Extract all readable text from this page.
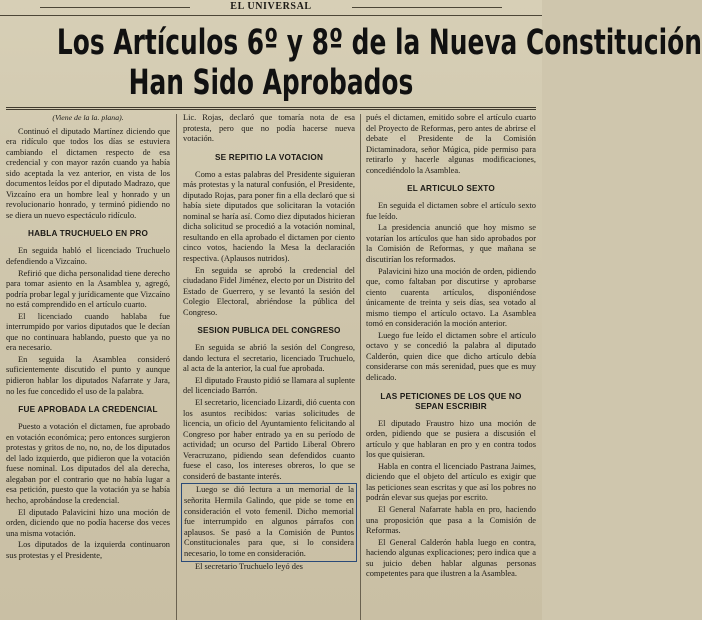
EL UNIVERSAL
Los Artículos 6º y 8º de la Nueva Constitución
Han Sido Aprobados

(Viene de la la. plana).

Continuó el diputado Martínez diciendo que era ridículo que todos los días se estuviera cambiando el dictamen respecto de esa credencial y con mayor razón cuando ya había sido aceptada la vez anterior, en vista de los documentos leídos por el diputado Madrazo, que Vizcaíno era un hombre leal y honrado y un revolucionario honrado, y terminó pidiendo no se diera un nuevo espectáculo ridículo.

HABLA TRUCHUELO EN PRO

En seguida habló el licenciado Truchuelo defendiendo a Vizcaíno.

Refirió que dicha personalidad tiene derecho para tomar asiento en la Asamblea y, agregó, podría probar legal y jurídicamente que Vizcaíno no está comprendido en el artículo cuarto.

El licenciado cuando hablaba fue interrumpido por varios diputados que le decían que no continuara hablando, puesto que ya no era necesario.

En seguida la Asamblea consideró suficientemente discutido el punto y aunque pidieron hablar los diputados Nafarrate y Jara, no les fue concedido el uso de la palabra.

FUE APROBADA LA CREDENCIAL

Puesto a votación el dictamen, fue aprobado en votación económica; pero entonces surgieron protestas y gritos de no, no, no, de los diputados del lado izquierdo, que pidieron que la votación fuese nominal. Los diputados del ala derecha, alegaban por el contrario que no había lugar a esa petición, puesto que la votación ya se había hecho, aprobándose la credencial.

El diputado Palavicini hizo una moción de orden, diciendo que no podía hacerse dos veces una misma votación.

Los diputados de la izquierda continuaron sus protestas y el Presidente,

Lic. Rojas, declaró que tomaría nota de esa protesta, pero que no podía hacerse nueva votación.

SE REPITIO LA VOTACION

Como a estas palabras del Presidente siguieran más protestas y la natural confusión, el Presidente, diputado Rojas, para poner fin a ella declaró que si había siete diputados que solicitaran la votación nominal se haría así. Como diez diputados hicieran dicha solicitud se procedió a la votación nominal, resultando en ella aprobado el dictamen por ciento cinco votos, haciendo la Mesa la declaración respectiva. (Aplausos nutridos).

En seguida se aprobó la credencial del ciudadano Fidel Jiménez, electo por un Distrito del Estado de Guerrero, y se levantó la sesión del Colegio Electoral, abriéndose la pública del Congreso.

SESION PUBLICA DEL CONGRESO

En seguida se abrió la sesión del Congreso, dando lectura el secretario, licenciado Truchuelo, al acta de la anterior, la cual fue aprobada.

El diputado Frausto pidió se llamara al suplente del licenciado Barrón.

El secretario, licenciado Lizardi, dió cuenta con los asuntos recibidos: varias solicitudes de licencia, un oficio del Ayuntamiento felicitando al Congreso por haber entrado ya en su período de actividad; un ocurso del Partido Liberal Obrero Veracruzano, pidiendo sean defendidos cuanto fuese el caso, los intereses obreros, lo que se consideró de bastante interés.

Luego se dió lectura a un memorial de la señorita Hermila Galindo, que pide se tome en consideración el voto femenil. Dicho memorial fue interrumpido en algunos párrafos con aplausos. Se pasó a la Comisión de Puntos Constitucionales para que, si lo considera necesario, lo tome en consideración.

El secretario Truchuelo leyó des

pués el dictamen, emitido sobre el artículo cuarto del Proyecto de Reformas, pero antes de abrirse el debate el Presidente de la Comisión Dictaminadora, señor Múgica, pide permiso para retirarlo y hacerle algunas modificaciones, concediéndolo la Asamblea.

EL ARTICULO SEXTO

En seguida el dictamen sobre el artículo sexto fue leído.

La presidencia anunció que hoy mismo se votarían los artículos que han sido aprobados por la Comisión de Reformas, y que mañana se discutirían los reformados.

Palavicini hizo una moción de orden, pidiendo que, como faltaban por discutirse y aprobarse ciento cuarenta artículos, disponiéndose únicamente de treinta y seis días, sea votado al mismo tiempo el artículo octavo. La Asamblea tomó en consideración la moción anterior.

Luego fue leído el dictamen sobre el artículo octavo y se concedió la palabra al diputado Calderón, quien dice que dicho artículo debía considerarse con más serenidad, pues que es muy delicado.

LAS PETICIONES DE LOS QUE NO SEPAN ESCRIBIR

El diputado Fraustro hizo una moción de orden, pidiendo que se pusiera a discusión el artículo y que hablaran en pro y en contra todos los que quisieran.

Habla en contra el licenciado Pastrana Jaimes, diciendo que el objeto del artículo es exigir que las peticiones sean escritas y que así los pobres no podrán elevar sus quejas por escrito.

El General Nafarrate habla en pro, haciendo una proposición que pasa a la Comisión de Reformas.

El General Calderón habla luego en contra, haciendo algunas explicaciones; pero indica que a su juicio deben hablar algunas personas competentes para que ilustren a la Asamblea.
